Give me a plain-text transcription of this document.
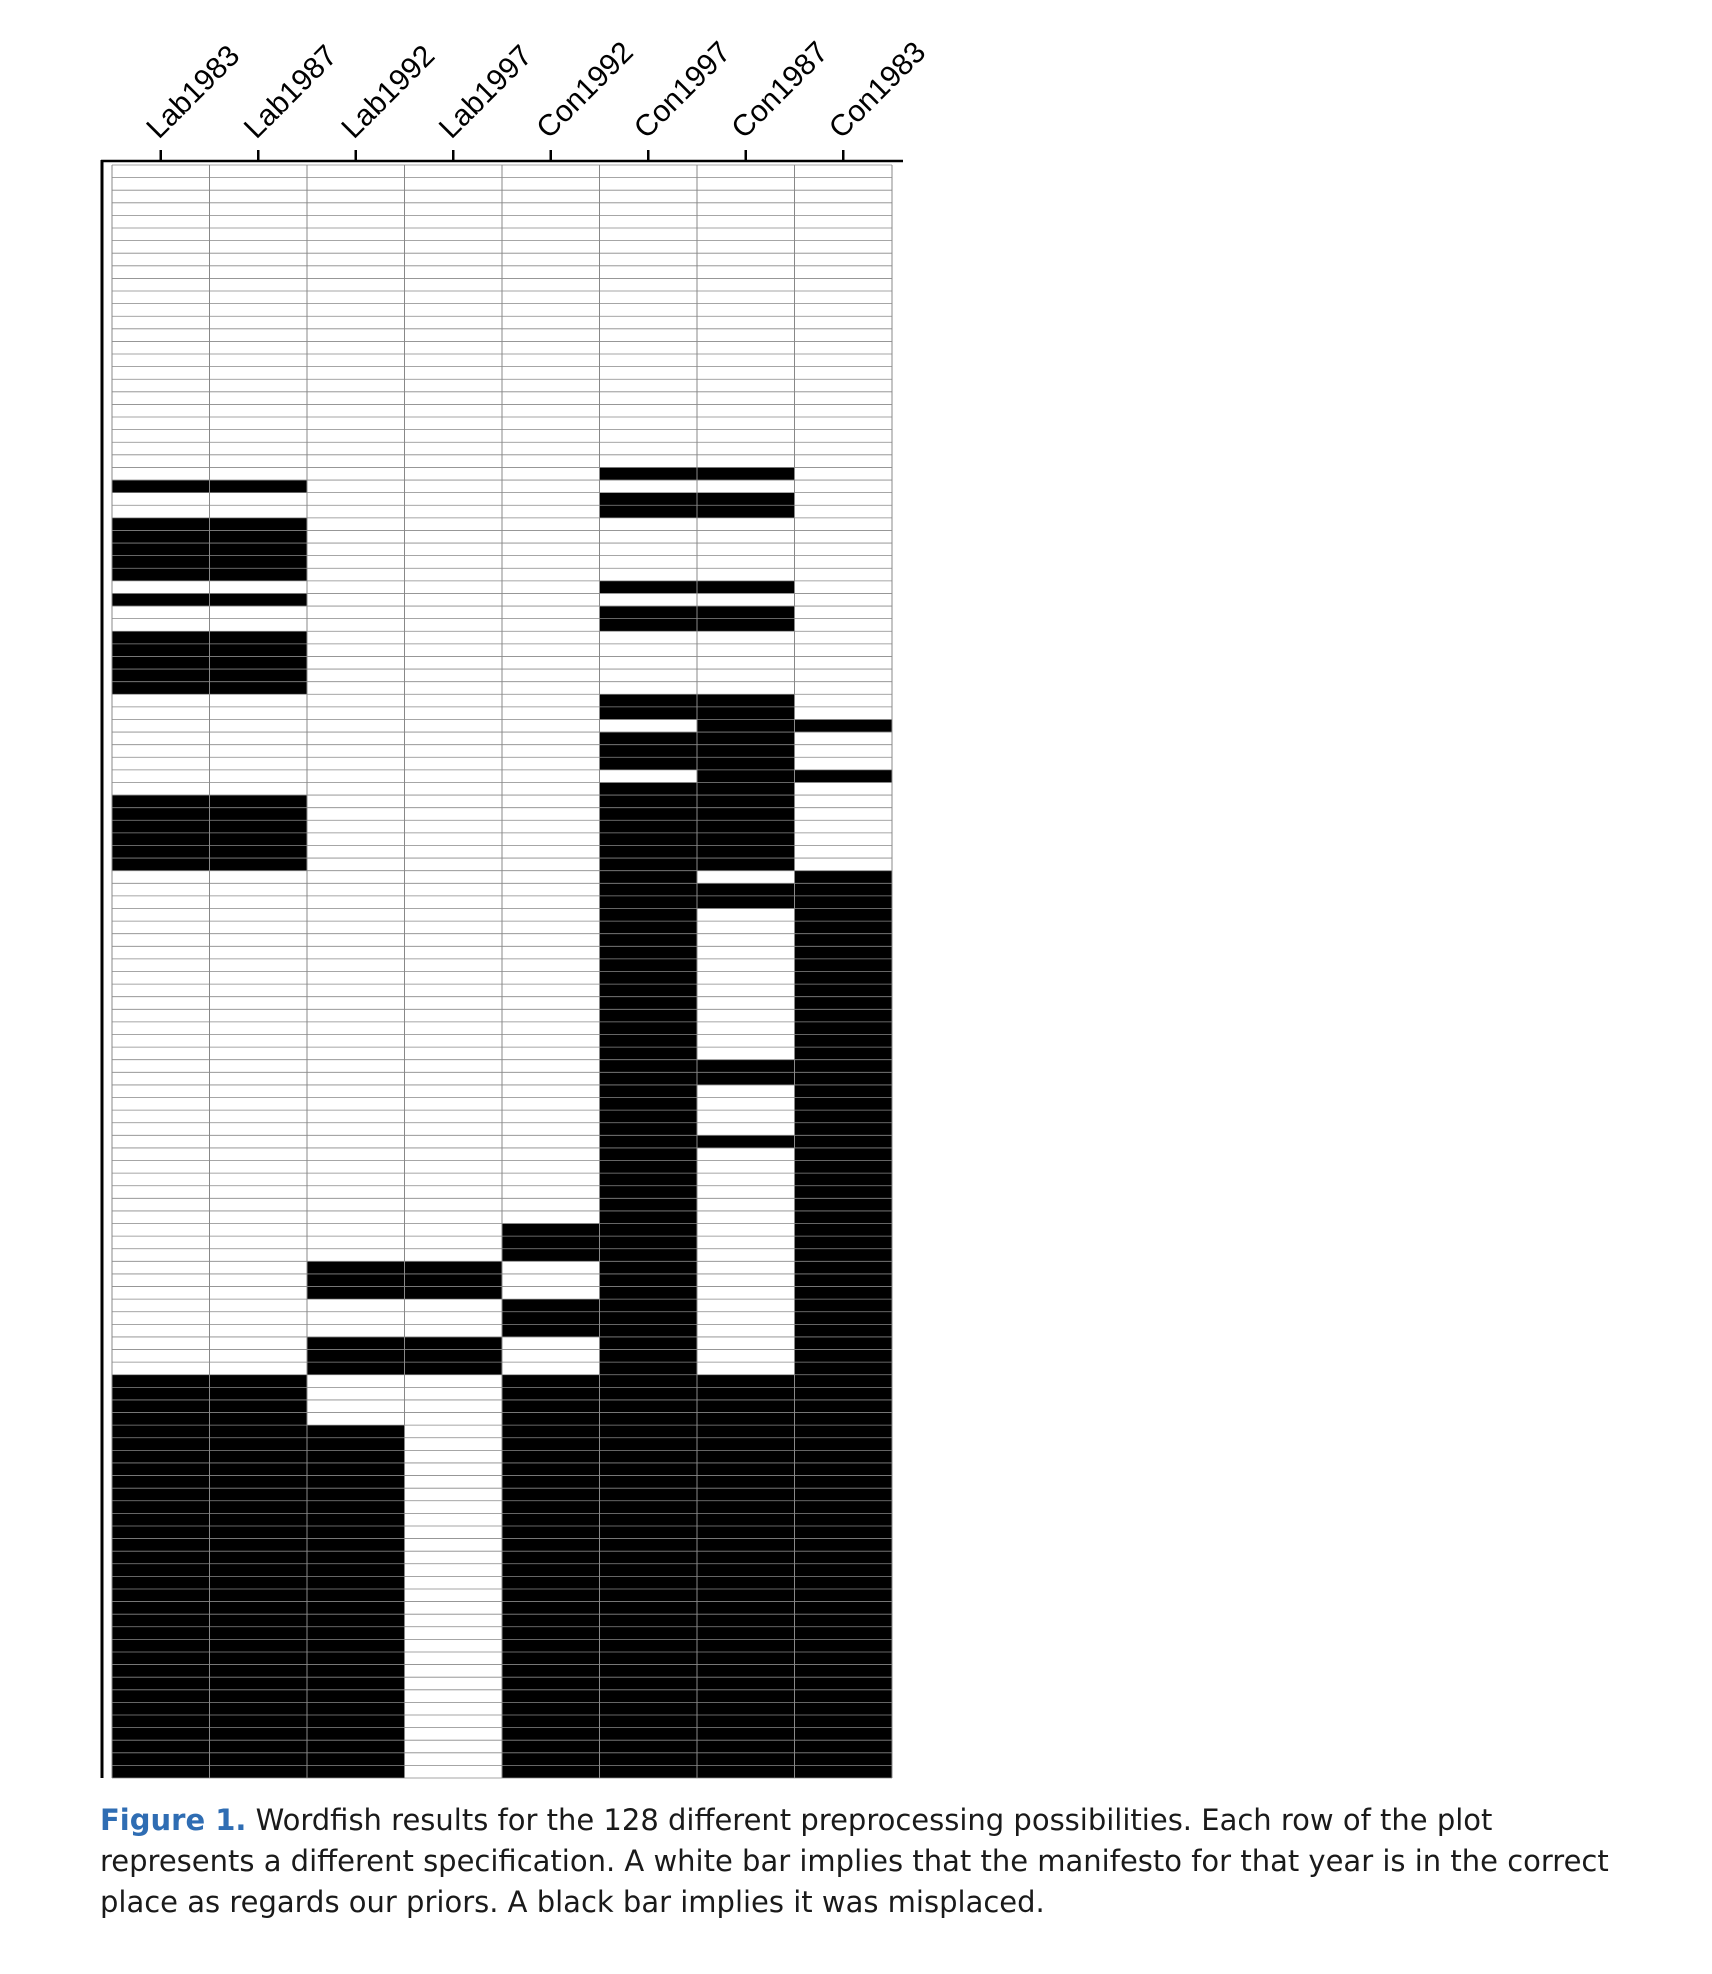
Lab1983
Lab1987
Lab1992
Lab1997
Con1992
Con1997
Con1987
Con1983
Figure 1. Wordfish results for the 128 different preprocessing possibilities. Each row of the plot represents a different specification. A white bar implies that the manifesto for that year is in the correct place as regards our priors. A black bar implies it was misplaced.
